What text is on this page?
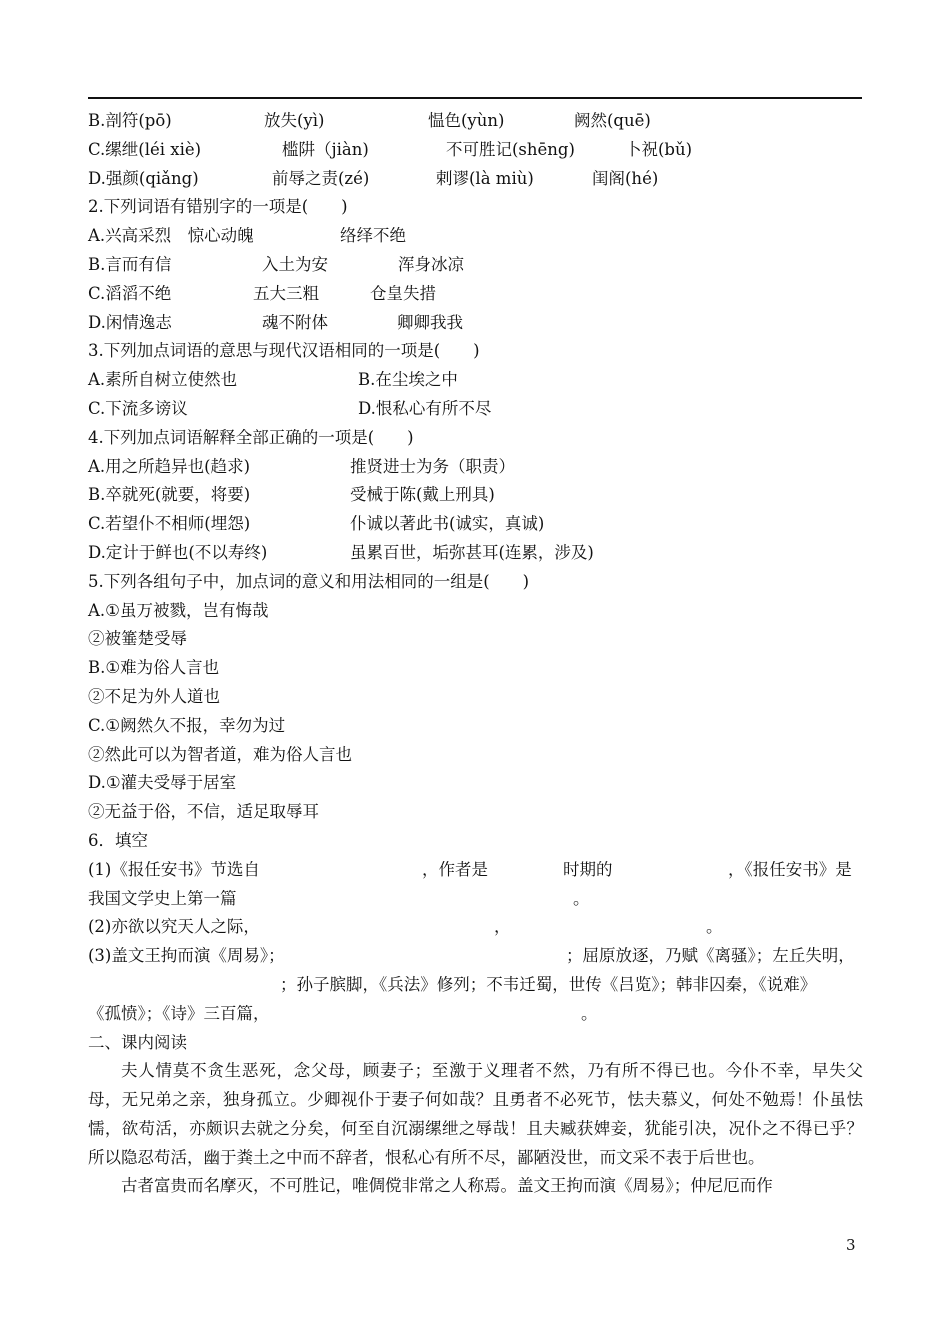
B.剖符(pō)	放失(yì)	愠色(yùn)	阙然(quē)
C.缧绁(léi xiè)	槛阱（jiàn)	不可胜记(shēng)	卜祝(bǔ)
D.强颜(qiǎng)	前辱之责(zé)	剌谬(là miù)	闺阁(hé)
2.下列词语有错别字的一项是(　　)
A.兴高采烈　惊心动魄	络绎不绝
B.言而有信	入土为安	浑身冰凉
C.滔滔不绝	五大三粗	仓皇失措
D.闲情逸志	魂不附体	卿卿我我
3.下列加点词语的意思与现代汉语相同的一项是(　　)
A.素所自树立使然也	B.在尘埃之中
C.下流多谤议	D.恨私心有所不尽
4.下列加点词语解释全部正确的一项是(　　)
A.用之所趋异也(趋求)	推贤进士为务（职责）
B.卒就死(就要，将要)	受械于陈(戴上刑具)
C.若望仆不相师(埋怨)	仆诚以著此书(诚实，真诚)
D.定计于鲜也(不以寿终)	虽累百世，垢弥甚耳(连累，涉及)
5.下列各组句子中，加点词的意义和用法相同的一组是(　　)
A.①虽万被戮，岂有悔哉
②被箠楚受辱
B.①难为俗人言也
②不足为外人道也
C.①阙然久不报，幸勿为过
②然此可以为智者道，难为俗人言也
D.①灌夫受辱于居室
②无益于俗，不信，适足取辱耳
6．填空
(1)《报任安书》节选自	，作者是	时期的	，《报任安书》是
我国文学史上第一篇	。
(2)亦欲以究天人之际，	，	。
(3)盖文王拘而演《周易》；	；屈原放逐，乃赋《离骚》；左丘失明，
；孙子膑脚，《兵法》修列；不韦迁蜀，世传《吕览》；韩非囚秦，《说难》
《孤愤》；《诗》三百篇，	。
二、课内阅读

夫人情莫不贪生恶死，念父母，顾妻子；至激于义理者不然，乃有所不得已也。今仆不幸，早失父母，无兄弟之亲，独身孤立。少卿视仆于妻子何如哉？且勇者不必死节，怯夫慕义，何处不勉焉！仆虽怯懦，欲苟活，亦颇识去就之分矣，何至自沉溺缧绁之辱哉！且夫臧获婢妾，犹能引决，况仆之不得已乎？所以隐忍苟活，幽于粪土之中而不辞者，恨私心有所不尽，鄙陋没世，而文采不表于后世也。

古者富贵而名摩灭，不可胜记，唯倜傥非常之人称焉。盖文王拘而演《周易》；仲尼厄而作

3
